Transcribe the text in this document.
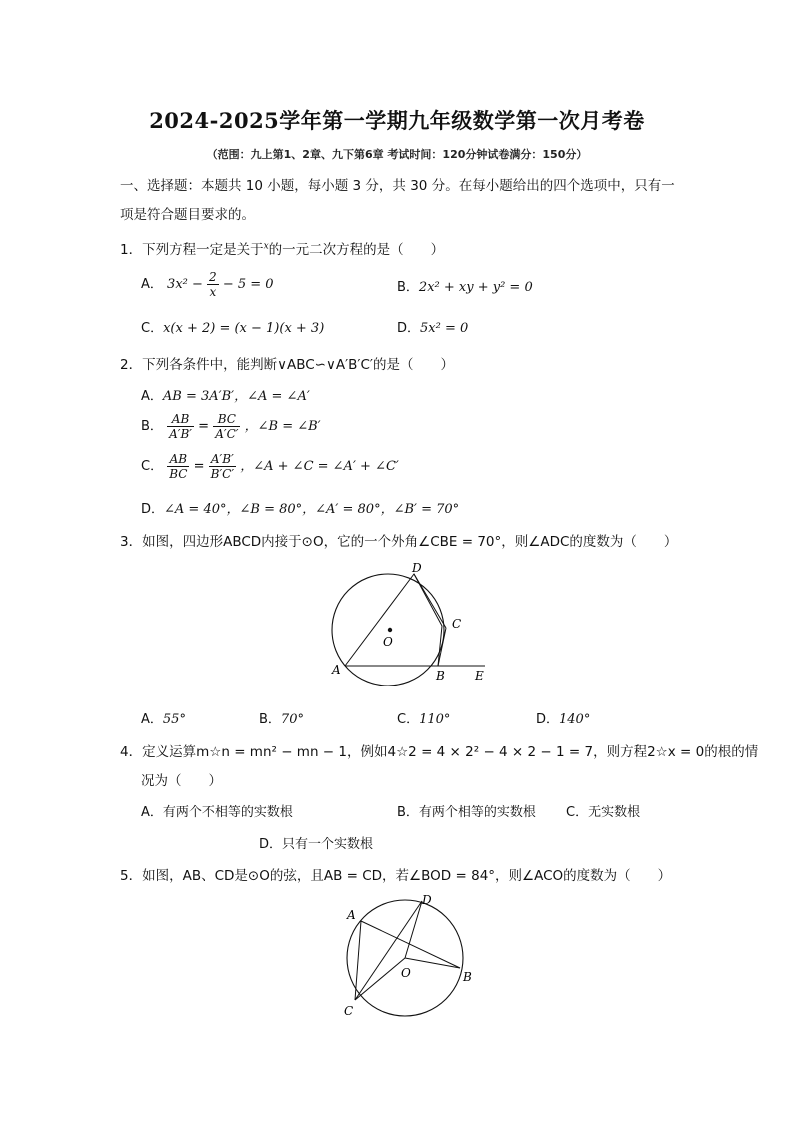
2024-2025学年第一学期九年级数学第一次月考卷
（范围：九上第1、2章、九下第6章 考试时间：120分钟试卷满分：150分）
一、选择题：本题共 10 小题，每小题 3 分，共 30 分。在每小题给出的四个选项中，只有一
项是符合题目要求的。
1．下列方程一定是关于$^x$的一元二次方程的是（　　）
A． $3x^2 - \frac{2}{x} - 5 = 0$	B．2x² + xy + y² = 0
C．x(x + 2) = (x − 1)(x + 3)	D．5x² = 0
2．下列各条件中，能判断∨ABC∽∨A′B′C′的是（　　）
A．AB = 3A′B′，∠A = ∠A′
B． $\frac{AB}{A'B'} = \frac{BC}{A'C'}$ ，∠B = ∠B′
C． $\frac{AB}{BC} = \frac{A'B'}{B'C'}$ ，∠A + ∠C = ∠A′ + ∠C′
D．∠A = 40°，∠B = 80°，∠A′ = 80°，∠B′ = 70°
3．如图，四边形ABCD内接于⊙O，它的一个外角∠CBE = 70°，则∠ADC的度数为（　　）
D
C
O
A	B	E
A．55°	B．70°	C．110°	D．140°
4．定义运算m☆n = mn² − mn − 1，例如4☆2 = 4 × 2² − 4 × 2 − 1 = 7，则方程2☆x = 0的根的情
况为（　　）
A．有两个不相等的实数根	B．有两个相等的实数根 C．无实数根
D．只有一个实数根
5．如图，AB、CD是⊙O的弦，且AB = CD，若∠BOD = 84°，则∠ACO的度数为（　　）
A
D
O	B
C
